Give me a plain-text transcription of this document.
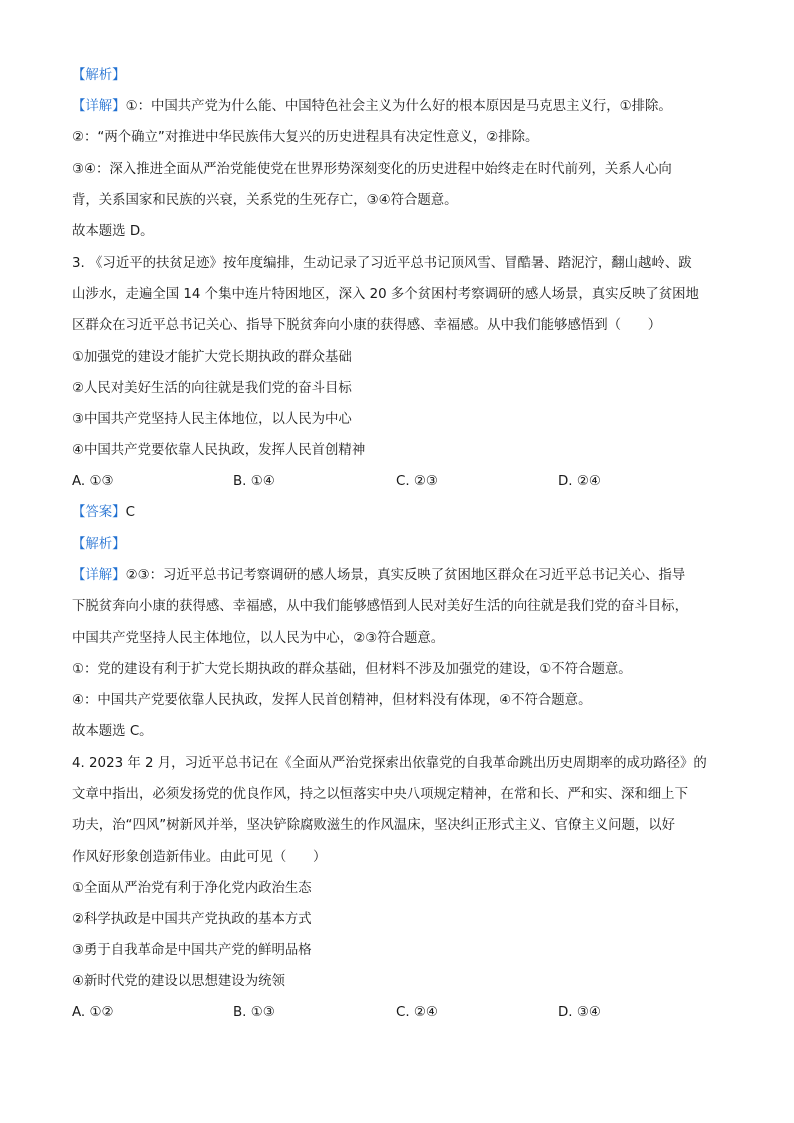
【解析】
【详解】①：中国共产党为什么能、中国特色社会主义为什么好的根本原因是马克思主义行，①排除。
②：“两个确立”对推进中华民族伟大复兴的历史进程具有决定性意义，②排除。
③④：深入推进全面从严治党能使党在世界形势深刻变化的历史进程中始终走在时代前列，关系人心向
背，关系国家和民族的兴衰，关系党的生死存亡，③④符合题意。
故本题选 D。
3. 《习近平的扶贫足迹》按年度编排，生动记录了习近平总书记顶风雪、冒酷暑、踏泥泞，翻山越岭、跋
山涉水，走遍全国 14 个集中连片特困地区，深入 20 多个贫困村考察调研的感人场景，真实反映了贫困地
区群众在习近平总书记关心、指导下脱贫奔向小康的获得感、幸福感。从中我们能够感悟到（　　）
①加强党的建设才能扩大党长期执政的群众基础
②人民对美好生活的向往就是我们党的奋斗目标
③中国共产党坚持人民主体地位，以人民为中心
④中国共产党要依靠人民执政，发挥人民首创精神
A. ①③	B. ①④	C. ②③	D. ②④
【答案】C
【解析】
【详解】②③：习近平总书记考察调研的感人场景，真实反映了贫困地区群众在习近平总书记关心、指导
下脱贫奔向小康的获得感、幸福感，从中我们能够感悟到人民对美好生活的向往就是我们党的奋斗目标，
中国共产党坚持人民主体地位，以人民为中心，②③符合题意。
①：党的建设有利于扩大党长期执政的群众基础，但材料不涉及加强党的建设，①不符合题意。
④：中国共产党要依靠人民执政，发挥人民首创精神，但材料没有体现，④不符合题意。
故本题选 C。
4. 2023 年 2 月，习近平总书记在《全面从严治党探索出依靠党的自我革命跳出历史周期率的成功路径》的
文章中指出，必须发扬党的优良作风，持之以恒落实中央八项规定精神，在常和长、严和实、深和细上下
功夫，治“四风”树新风并举，坚决铲除腐败滋生的作风温床，坚决纠正形式主义、官僚主义问题，以好
作风好形象创造新伟业。由此可见（　　）
①全面从严治党有利于净化党内政治生态
②科学执政是中国共产党执政的基本方式
③勇于自我革命是中国共产党的鲜明品格
④新时代党的建设以思想建设为统领
A. ①②	B. ①③	C. ②④	D. ③④
